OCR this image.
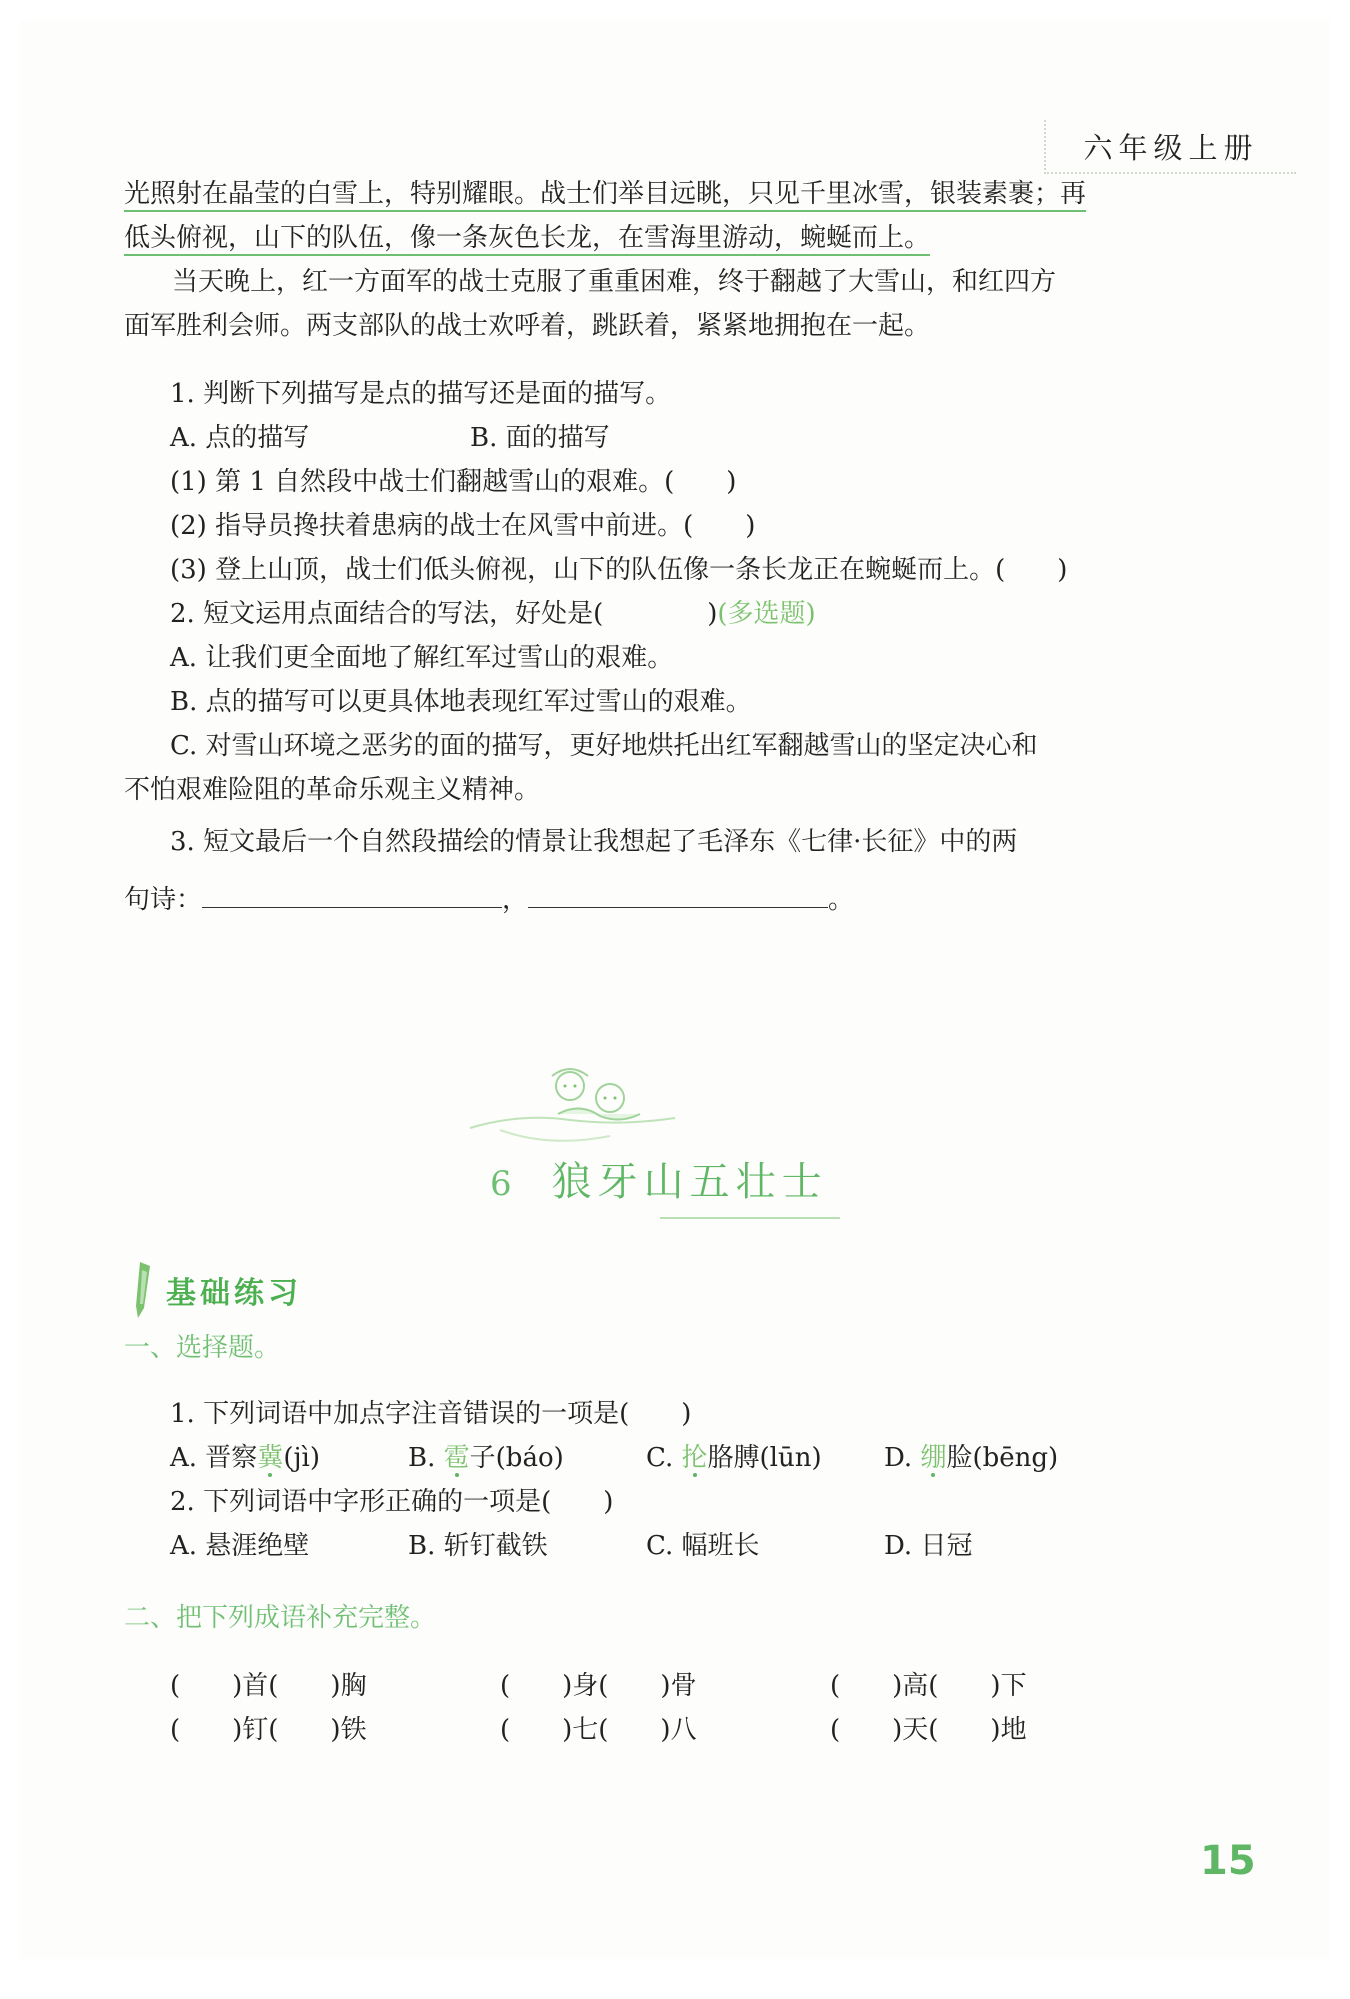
六年级上册
光照射在晶莹的白雪上，特别耀眼。战士们举目远眺，只见千里冰雪，银装素裹；再
低头俯视，山下的队伍，像一条灰色长龙，在雪海里游动，蜿蜒而上。
当天晚上，红一方面军的战士克服了重重困难，终于翻越了大雪山，和红四方
面军胜利会师。两支部队的战士欢呼着，跳跃着，紧紧地拥抱在一起。
1. 判断下列描写是点的描写还是面的描写。
A. 点的描写	B. 面的描写
(1) 第 1 自然段中战士们翻越雪山的艰难。(　　)
(2) 指导员搀扶着患病的战士在风雪中前进。(　　)
(3) 登上山顶，战士们低头俯视，山下的队伍像一条长龙正在蜿蜒而上。(　　)
2. 短文运用点面结合的写法，好处是(　　　　)(多选题)
A. 让我们更全面地了解红军过雪山的艰难。
B. 点的描写可以更具体地表现红军过雪山的艰难。
C. 对雪山环境之恶劣的面的描写，更好地烘托出红军翻越雪山的坚定决心和
不怕艰难险阻的革命乐观主义精神。
3. 短文最后一个自然段描绘的情景让我想起了毛泽东《七律·长征》中的两
句诗：	，	。
6 狼牙山五壮士
基础练习
一、选择题。
1. 下列词语中加点字注音错误的一项是(　　)
A. 晋察冀(jì)	B. 雹子(báo)	C. 抡胳膊(lūn)	D. 绷脸(bēng)
2. 下列词语中字形正确的一项是(　　)
A. 悬涯绝壁	B. 斩钉截铁	C. 幅班长	D. 日冠
二、把下列成语补充完整。
(　　)首(　　)胸	(　　)身(　　)骨	(　　)高(　　)下
(　　)钉(　　)铁	(　　)七(　　)八	(　　)天(　　)地
15
